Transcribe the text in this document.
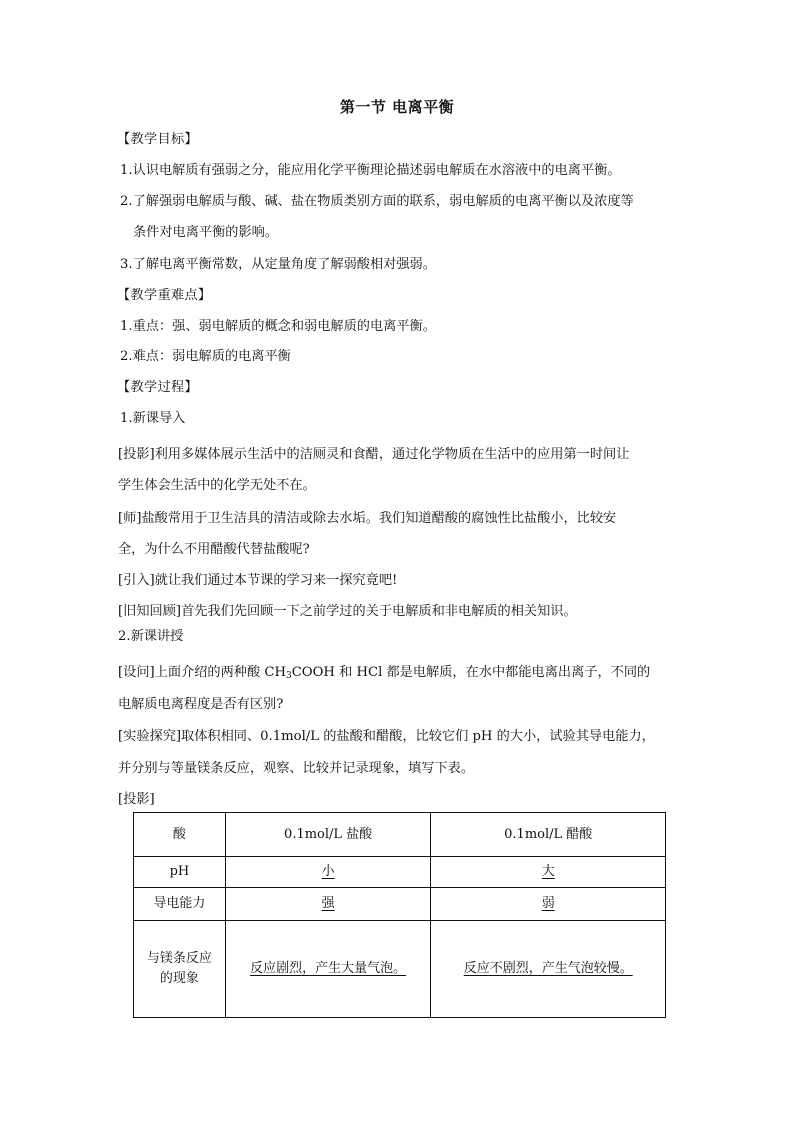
第一节 电离平衡
【教学目标】
1.认识电解质有强弱之分，能应用化学平衡理论描述弱电解质在水溶液中的电离平衡。
2.了解强弱电解质与酸、碱、盐在物质类别方面的联系，弱电解质的电离平衡以及浓度等
条件对电离平衡的影响。
3.了解电离平衡常数，从定量角度了解弱酸相对强弱。
【教学重难点】
1.重点：强、弱电解质的概念和弱电解质的电离平衡。
2.难点：弱电解质的电离平衡
【教学过程】
1.新课导入
[投影]利用多媒体展示生活中的洁厕灵和食醋，通过化学物质在生活中的应用第一时间让
学生体会生活中的化学无处不在。
[师]盐酸常用于卫生洁具的清洁或除去水垢。我们知道醋酸的腐蚀性比盐酸小，比较安
全，为什么不用醋酸代替盐酸呢?
[引入]就让我们通过本节课的学习来一探究竟吧!
[旧知回顾]首先我们先回顾一下之前学过的关于电解质和非电解质的相关知识。
2.新课讲授
[设问]上面介绍的两种酸 $CH_3COOH$ 和 HCl 都是电解质，在水中都能电离出离子，不同的
电解质电离程度是否有区别?
[实验探究]取体积相同、0.1mol/L 的盐酸和醋酸，比较它们 pH 的大小，试验其导电能力，
并分别与等量镁条反应，观察、比较并记录现象，填写下表。
[投影]
酸	0.1mol/L 盐酸	0.1mol/L 醋酸
pH	小	大
导电能力	强	弱
与镁条反应
的现象	反应剧烈，产生大量气泡。	反应不剧烈，产生气泡较慢。
